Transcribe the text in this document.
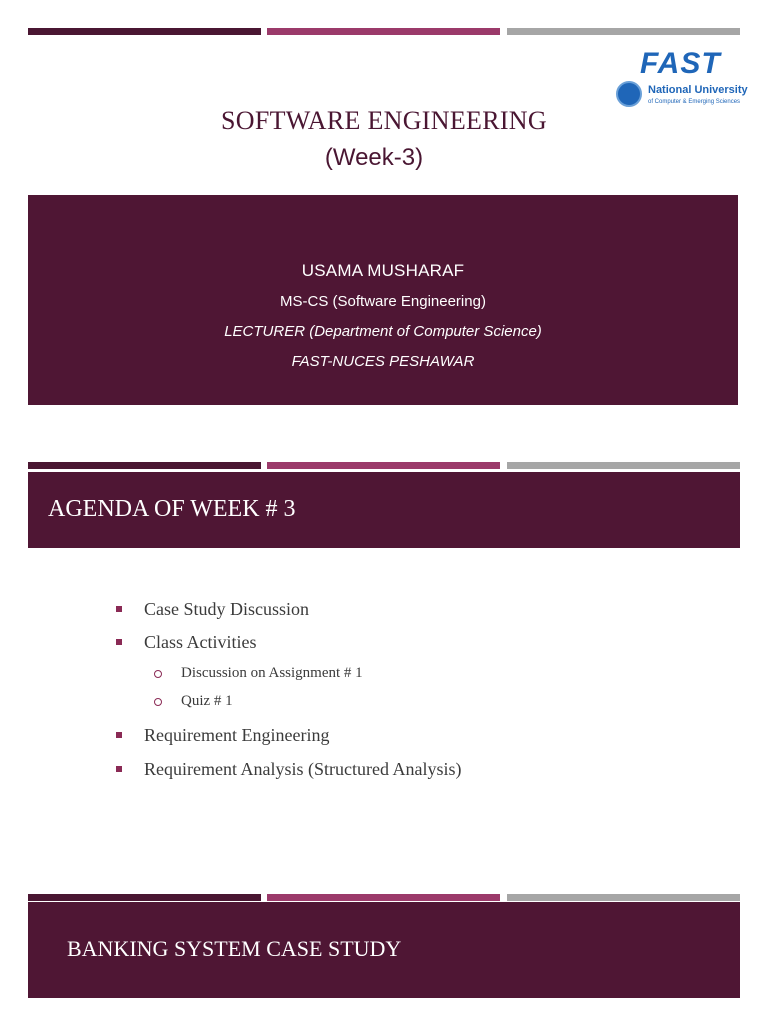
FAST
National University
of Computer & Emerging Sciences
SOFTWARE ENGINEERING
(Week-3)
USAMA MUSHARAF
MS-CS (Software Engineering)
LECTURER (Department of Computer Science)
FAST-NUCES PESHAWAR
AGENDA OF WEEK # 3
Case Study Discussion
Class Activities
Discussion on Assignment # 1
Quiz # 1
Requirement Engineering
Requirement Analysis (Structured Analysis)
BANKING SYSTEM CASE STUDY
